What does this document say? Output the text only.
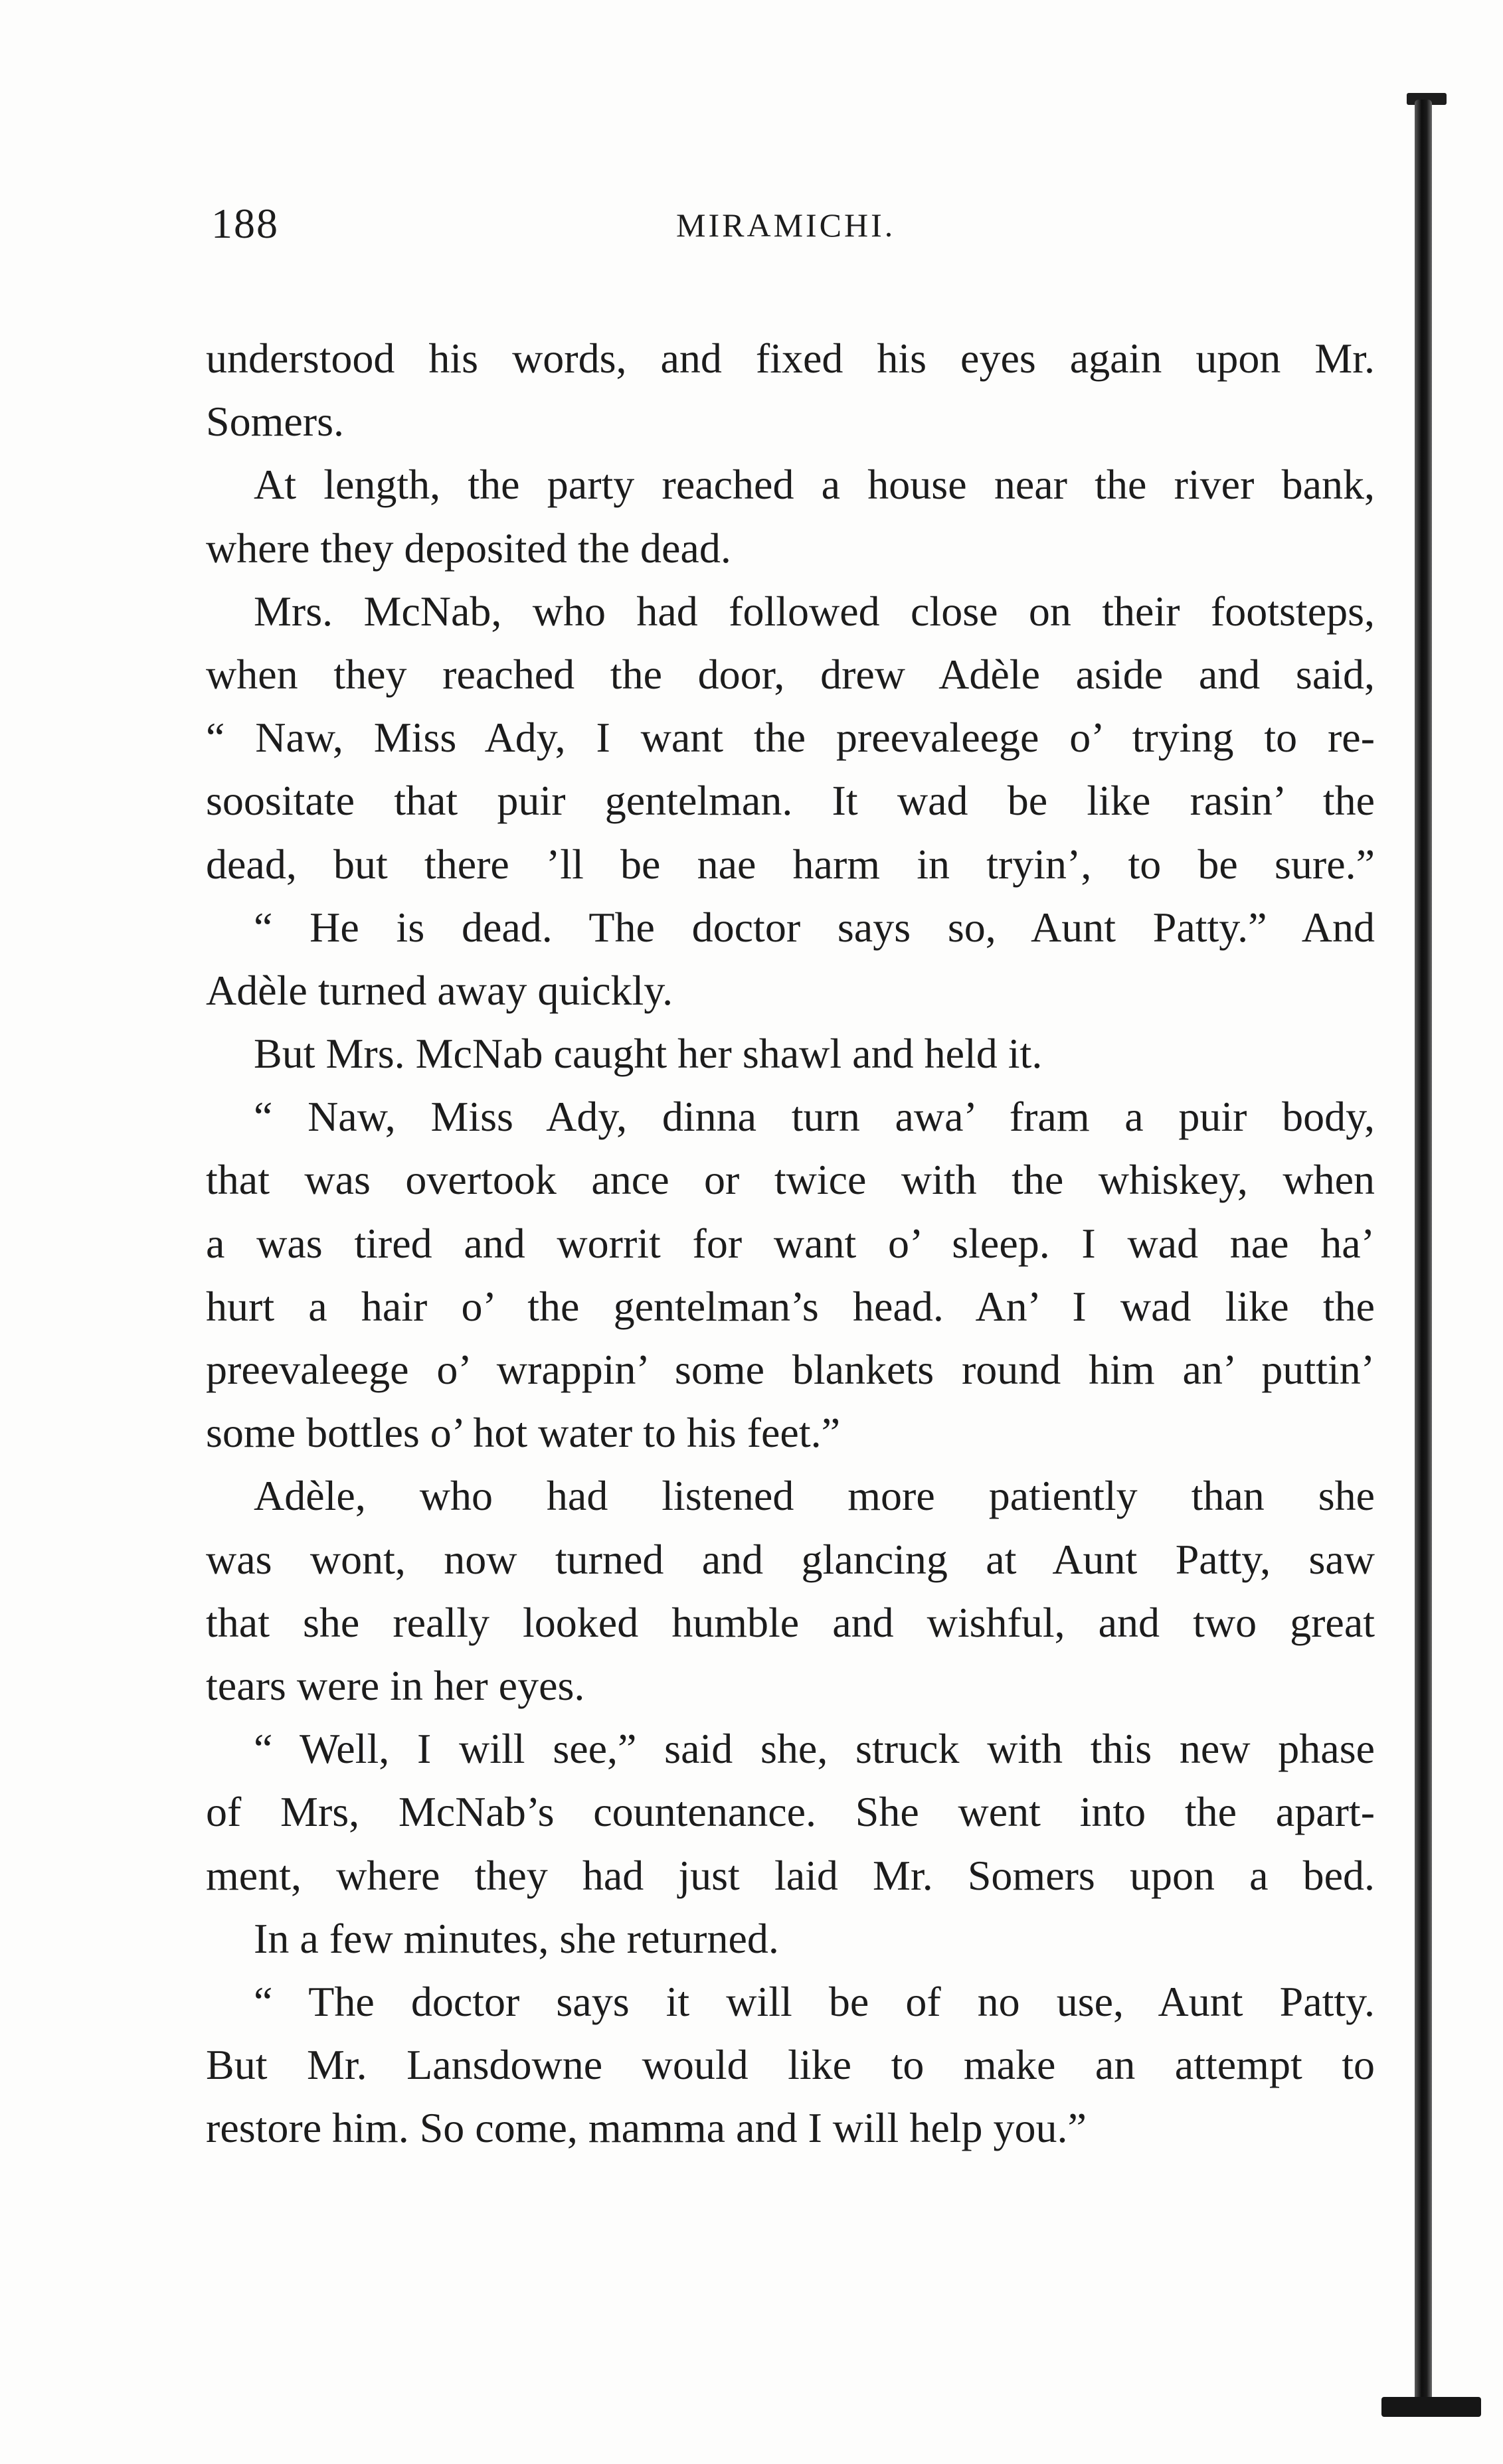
188	MIRAMICHI.
understood his words, and fixed his eyes again upon Mr.
Somers.
At length, the party reached a house near the river bank,
where they deposited the dead.
Mrs. McNab, who had followed close on their footsteps,
when they reached the door, drew Adèle aside and said,
“ Naw, Miss Ady, I want the preevaleege o’ trying to re-
soositate that puir gentelman. It wad be like rasin’ the
dead, but there ’ll be nae harm in tryin’, to be sure.”
“ He is dead. The doctor says so, Aunt Patty.” And
Adèle turned away quickly.
But Mrs. McNab caught her shawl and held it.
“ Naw, Miss Ady, dinna turn awa’ fram a puir body,
that was overtook ance or twice with the whiskey, when
a was tired and worrit for want o’ sleep. I wad nae ha’
hurt a hair o’ the gentelman’s head. An’ I wad like the
preevaleege o’ wrappin’ some blankets round him an’ puttin’
some bottles o’ hot water to his feet.”
Adèle, who had listened more patiently than she
was wont, now turned and glancing at Aunt Patty, saw
that she really looked humble and wishful, and two great
tears were in her eyes.
“ Well, I will see,” said she, struck with this new phase
of Mrs, McNab’s countenance. She went into the apart-
ment, where they had just laid Mr. Somers upon a bed.
In a few minutes, she returned.
“ The doctor says it will be of no use, Aunt Patty.
But Mr. Lansdowne would like to make an attempt to
restore him. So come, mamma and I will help you.”
